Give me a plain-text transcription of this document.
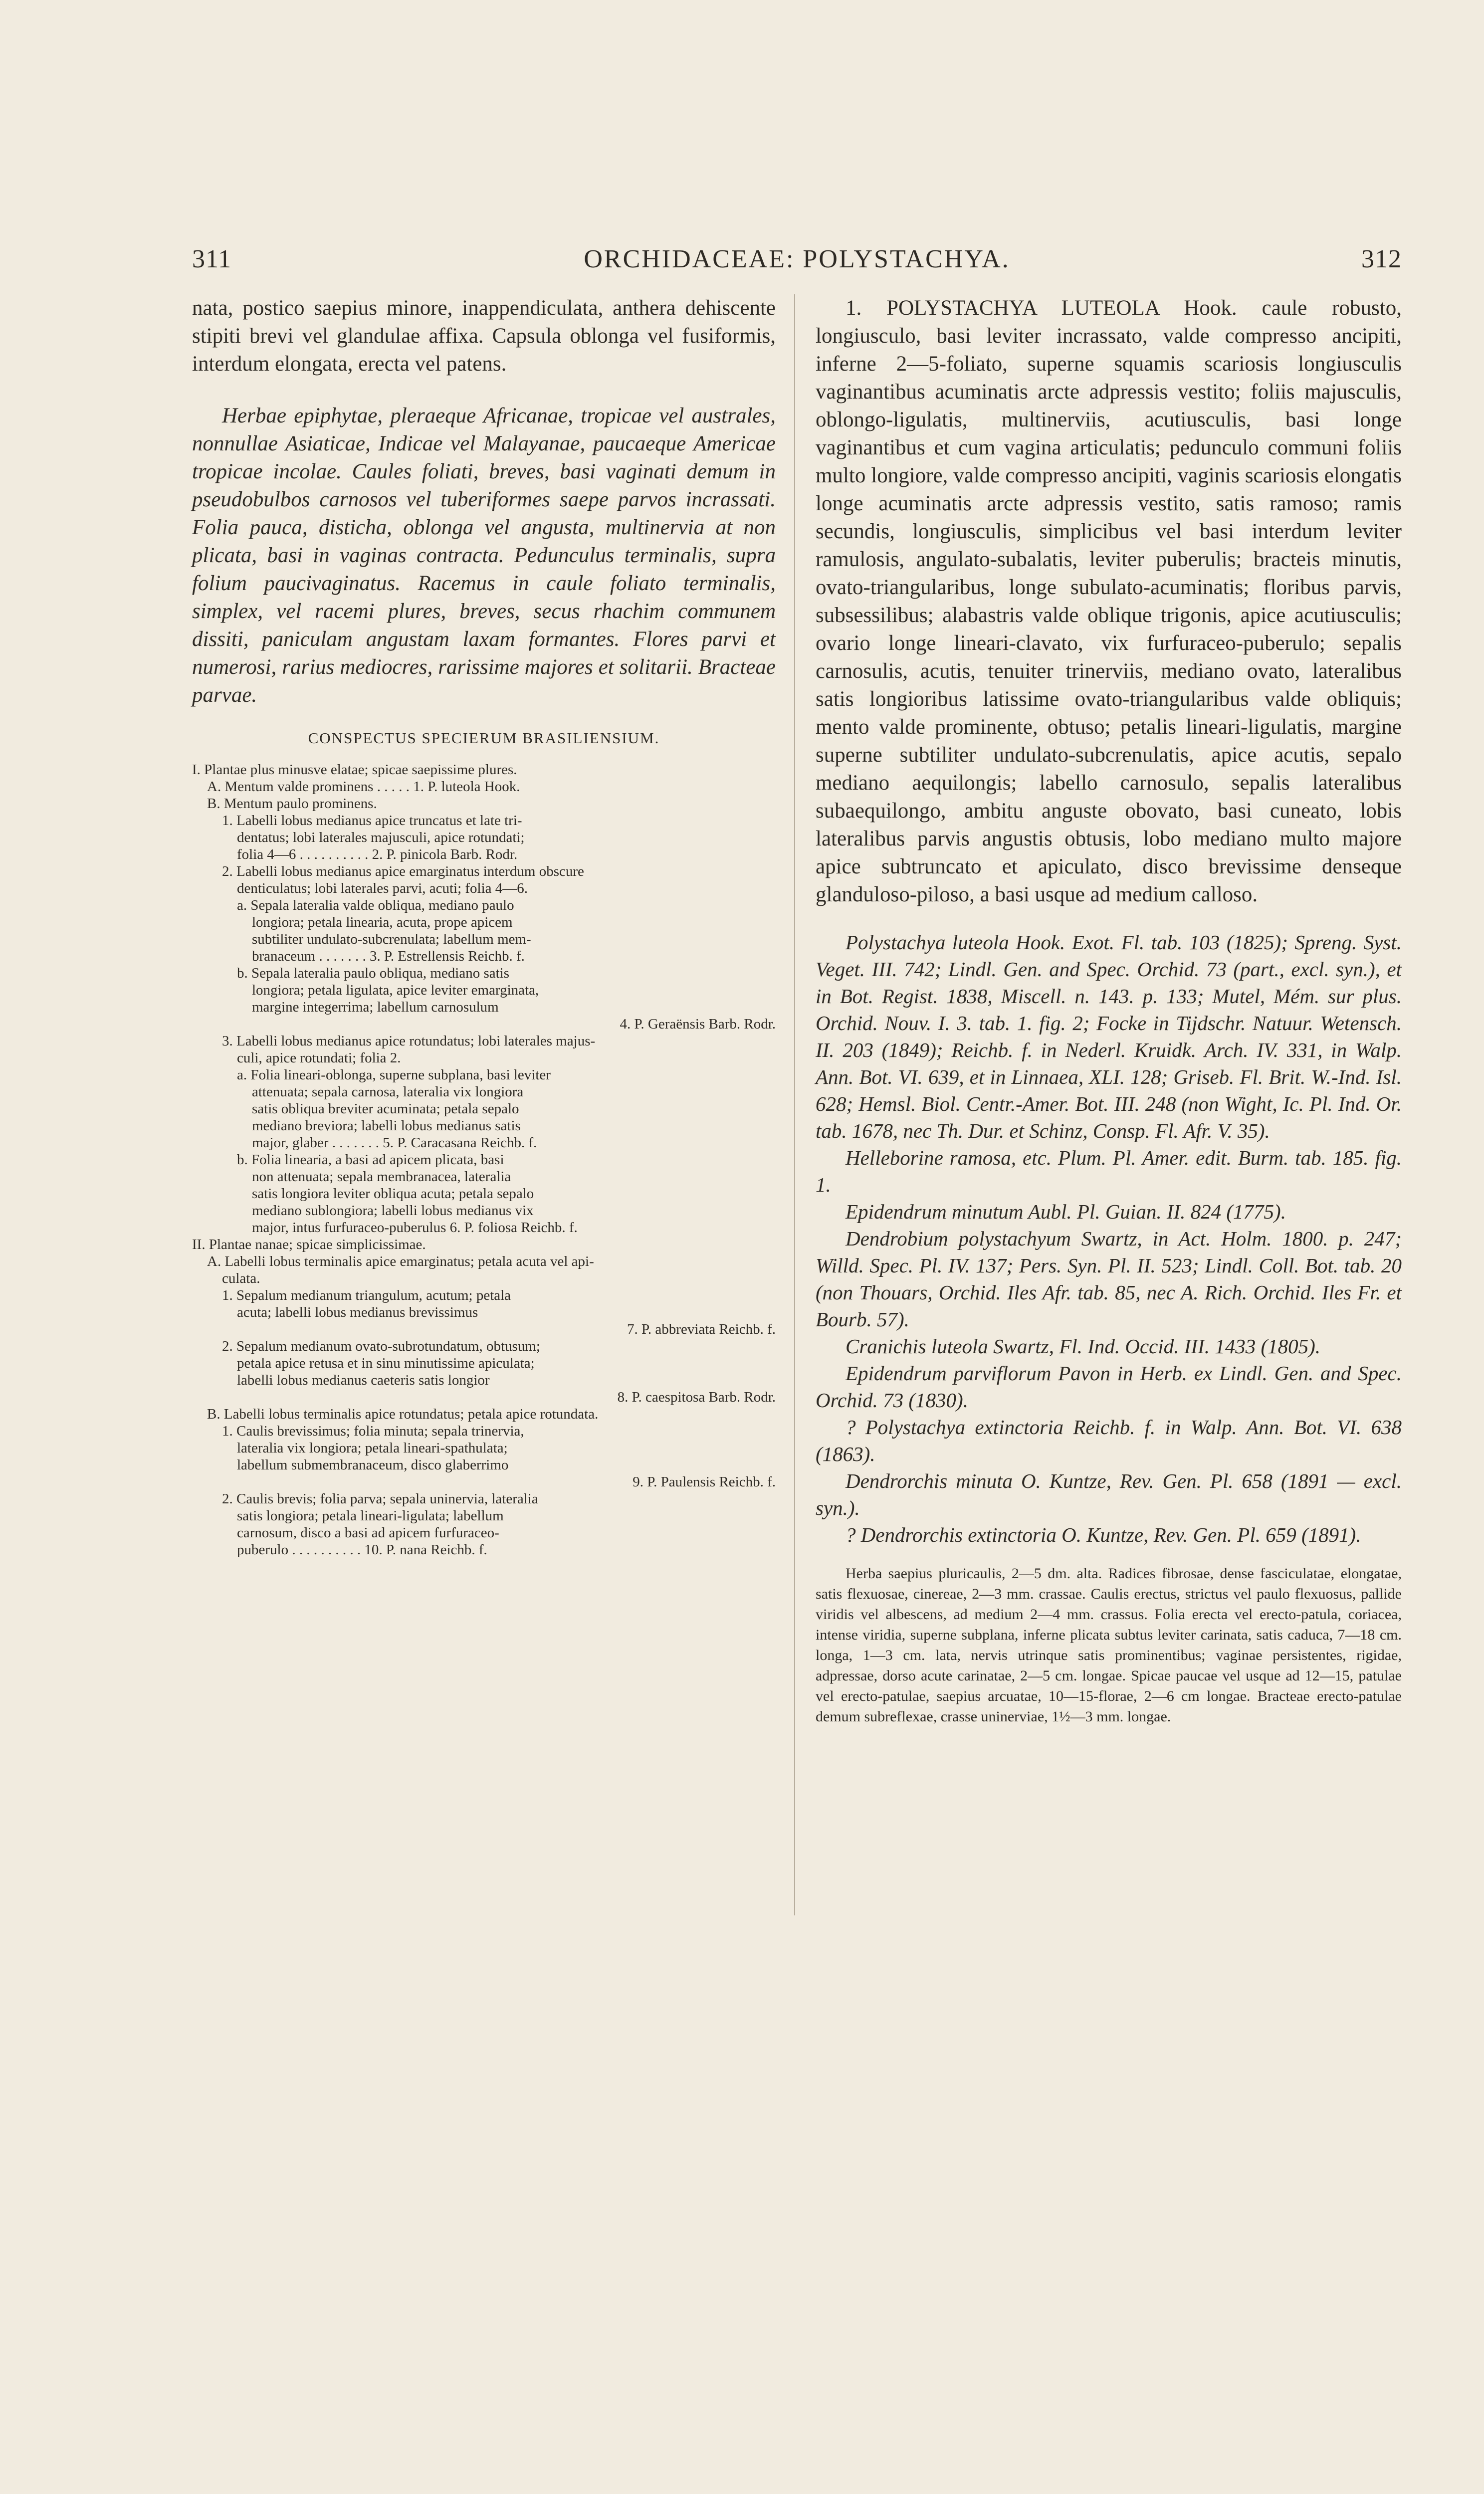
311	ORCHIDACEAE: POLYSTACHYA.	312

nata, postico saepius minore, inappendiculata, anthera dehiscente stipiti brevi vel glandulae affixa. Capsula oblonga vel fusiformis, interdum elongata, erecta vel patens.

Herbae epiphytae, pleraeque Africanae, tropicae vel australes, nonnullae Asiaticae, Indicae vel Malayanae, paucaeque Americae tropicae incolae. Caules foliati, breves, basi vaginati demum in pseudobulbos carnosos vel tuberiformes saepe parvos incrassati. Folia pauca, disticha, oblonga vel angusta, multinervia at non plicata, basi in vaginas contracta. Pedunculus terminalis, supra folium paucivaginatus. Racemus in caule foliato terminalis, simplex, vel racemi plures, breves, secus rhachim communem dissiti, paniculam angustam laxam formantes. Flores parvi et numerosi, rarius mediocres, rarissime majores et solitarii. Bracteae parvae.

CONSPECTUS SPECIERUM BRASILIENSIUM.
I. Plantae plus minusve elatae; spicae saepissime plures.
A. Mentum valde prominens . . . . . 1. P. luteola Hook.
B. Mentum paulo prominens.
1. Labelli lobus medianus apice truncatus et late tri-
dentatus; lobi laterales majusculi, apice rotundati;
folia 4—6 . . . . . . . . . . 2. P. pinicola Barb. Rodr.
2. Labelli lobus medianus apice emarginatus interdum obscure
denticulatus; lobi laterales parvi, acuti; folia 4—6.
a. Sepala lateralia valde obliqua, mediano paulo
longiora; petala linearia, acuta, prope apicem
subtiliter undulato-subcrenulata; labellum mem-
branaceum . . . . . . . 3. P. Estrellensis Reichb. f.
b. Sepala lateralia paulo obliqua, mediano satis
longiora; petala ligulata, apice leviter emarginata,
margine integerrima; labellum carnosulum
4. P. Geraënsis Barb. Rodr.
3. Labelli lobus medianus apice rotundatus; lobi laterales majus-
culi, apice rotundati; folia 2.
a. Folia lineari-oblonga, superne subplana, basi leviter
attenuata; sepala carnosa, lateralia vix longiora
satis obliqua breviter acuminata; petala sepalo
mediano breviora; labelli lobus medianus satis
major, glaber . . . . . . . 5. P. Caracasana Reichb. f.
b. Folia linearia, a basi ad apicem plicata, basi
non attenuata; sepala membranacea, lateralia
satis longiora leviter obliqua acuta; petala sepalo
mediano sublongiora; labelli lobus medianus vix
major, intus furfuraceo-puberulus 6. P. foliosa Reichb. f.
II. Plantae nanae; spicae simplicissimae.
A. Labelli lobus terminalis apice emarginatus; petala acuta vel api-
culata.
1. Sepalum medianum triangulum, acutum; petala
acuta; labelli lobus medianus brevissimus
7. P. abbreviata Reichb. f.
2. Sepalum medianum ovato-subrotundatum, obtusum;
petala apice retusa et in sinu minutissime apiculata;
labelli lobus medianus caeteris satis longior
8. P. caespitosa Barb. Rodr.
B. Labelli lobus terminalis apice rotundatus; petala apice rotundata.
1. Caulis brevissimus; folia minuta; sepala trinervia,
lateralia vix longiora; petala lineari-spathulata;
labellum submembranaceum, disco glaberrimo
9. P. Paulensis Reichb. f.
2. Caulis brevis; folia parva; sepala uninervia, lateralia
satis longiora; petala lineari-ligulata; labellum
carnosum, disco a basi ad apicem furfuraceo-
puberulo . . . . . . . . . . 10. P. nana Reichb. f.

1. POLYSTACHYA LUTEOLA Hook. caule robusto, longiusculo, basi leviter incrassato, valde compresso ancipiti, inferne 2—5-foliato, superne squamis scariosis longiusculis vaginantibus acuminatis arcte adpressis vestito; foliis majusculis, oblongo-ligulatis, multinerviis, acutiusculis, basi longe vaginantibus et cum vagina articulatis; pedunculo communi foliis multo longiore, valde compresso ancipiti, vaginis scariosis elongatis longe acuminatis arcte adpressis vestito, satis ramoso; ramis secundis, longiusculis, simplicibus vel basi interdum leviter ramulosis, angulato-subalatis, leviter puberulis; bracteis minutis, ovato-triangularibus, longe subulato-acuminatis; floribus parvis, subsessilibus; alabastris valde oblique trigonis, apice acutiusculis; ovario longe lineari-clavato, vix furfuraceo-puberulo; sepalis carnosulis, acutis, tenuiter trinerviis, mediano ovato, lateralibus satis longioribus latissime ovato-triangularibus valde obliquis; mento valde prominente, obtuso; petalis lineari-ligulatis, margine superne subtiliter undulato-subcrenulatis, apice acutis, sepalo mediano aequilongis; labello carnosulo, sepalis lateralibus subaequilongo, ambitu anguste obovato, basi cuneato, lobis lateralibus parvis angustis obtusis, lobo mediano multo majore apice subtruncato et apiculato, disco brevissime denseque glanduloso-piloso, a basi usque ad medium calloso.

Polystachya luteola Hook. Exot. Fl. tab. 103 (1825); Spreng. Syst. Veget. III. 742; Lindl. Gen. and Spec. Orchid. 73 (part., excl. syn.), et in Bot. Regist. 1838, Miscell. n. 143. p. 133; Mutel, Mém. sur plus. Orchid. Nouv. I. 3. tab. 1. fig. 2; Focke in Tijdschr. Natuur. Wetensch. II. 203 (1849); Reichb. f. in Nederl. Kruidk. Arch. IV. 331, in Walp. Ann. Bot. VI. 639, et in Linnaea, XLI. 128; Griseb. Fl. Brit. W.-Ind. Isl. 628; Hemsl. Biol. Centr.-Amer. Bot. III. 248 (non Wight, Ic. Pl. Ind. Or. tab. 1678, nec Th. Dur. et Schinz, Consp. Fl. Afr. V. 35).

Helleborine ramosa, etc. Plum. Pl. Amer. edit. Burm. tab. 185. fig. 1.

Epidendrum minutum Aubl. Pl. Guian. II. 824 (1775).

Dendrobium polystachyum Swartz, in Act. Holm. 1800. p. 247; Willd. Spec. Pl. IV. 137; Pers. Syn. Pl. II. 523; Lindl. Coll. Bot. tab. 20 (non Thouars, Orchid. Iles Afr. tab. 85, nec A. Rich. Orchid. Iles Fr. et Bourb. 57).

Cranichis luteola Swartz, Fl. Ind. Occid. III. 1433 (1805).

Epidendrum parviflorum Pavon in Herb. ex Lindl. Gen. and Spec. Orchid. 73 (1830).

? Polystachya extinctoria Reichb. f. in Walp. Ann. Bot. VI. 638 (1863).

Dendrorchis minuta O. Kuntze, Rev. Gen. Pl. 658 (1891 — excl. syn.).

? Dendrorchis extinctoria O. Kuntze, Rev. Gen. Pl. 659 (1891).

Herba saepius pluricaulis, 2—5 dm. alta. Radices fibrosae, dense fasciculatae, elongatae, satis flexuosae, cinereae, 2—3 mm. crassae. Caulis erectus, strictus vel paulo flexuosus, pallide viridis vel albescens, ad medium 2—4 mm. crassus. Folia erecta vel erecto-patula, coriacea, intense viridia, superne subplana, inferne plicata subtus leviter carinata, satis caduca, 7—18 cm. longa, 1—3 cm. lata, nervis utrinque satis prominentibus; vaginae persistentes, rigidae, adpressae, dorso acute carinatae, 2—5 cm. longae. Spicae paucae vel usque ad 12—15, patulae vel erecto-patulae, saepius arcuatae, 10—15-florae, 2—6 cm longae. Bracteae erecto-patulae demum subreflexae, crasse uninerviae, 1½—3 mm. longae.
